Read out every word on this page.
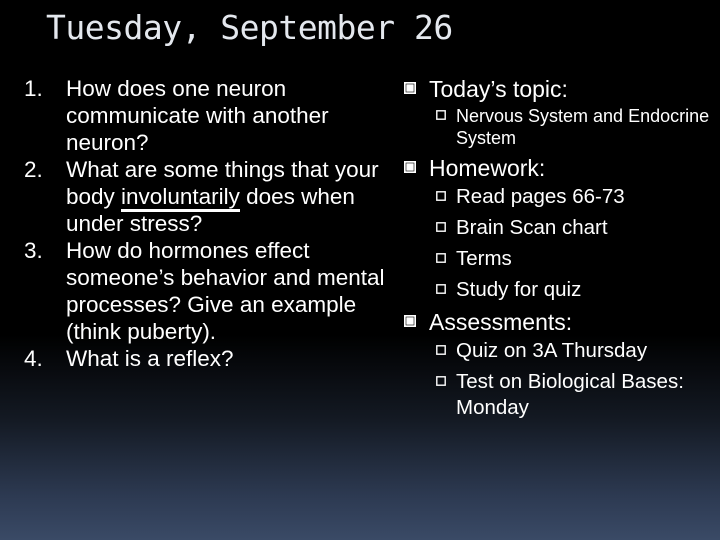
Tuesday, September 26
1.	How does one neuron communicate with another neuron?
2.	What are some things that your body involuntarily does when under stress?
3.	How do hormones effect someone’s behavior and mental processes? Give an example (think puberty).
4.	What is a reflex?
Today’s topic:
Nervous System and Endocrine System
Homework:
Read pages 66-73
Brain Scan chart
Terms
Study for quiz
Assessments:
Quiz on 3A Thursday
Test on Biological Bases: Monday
